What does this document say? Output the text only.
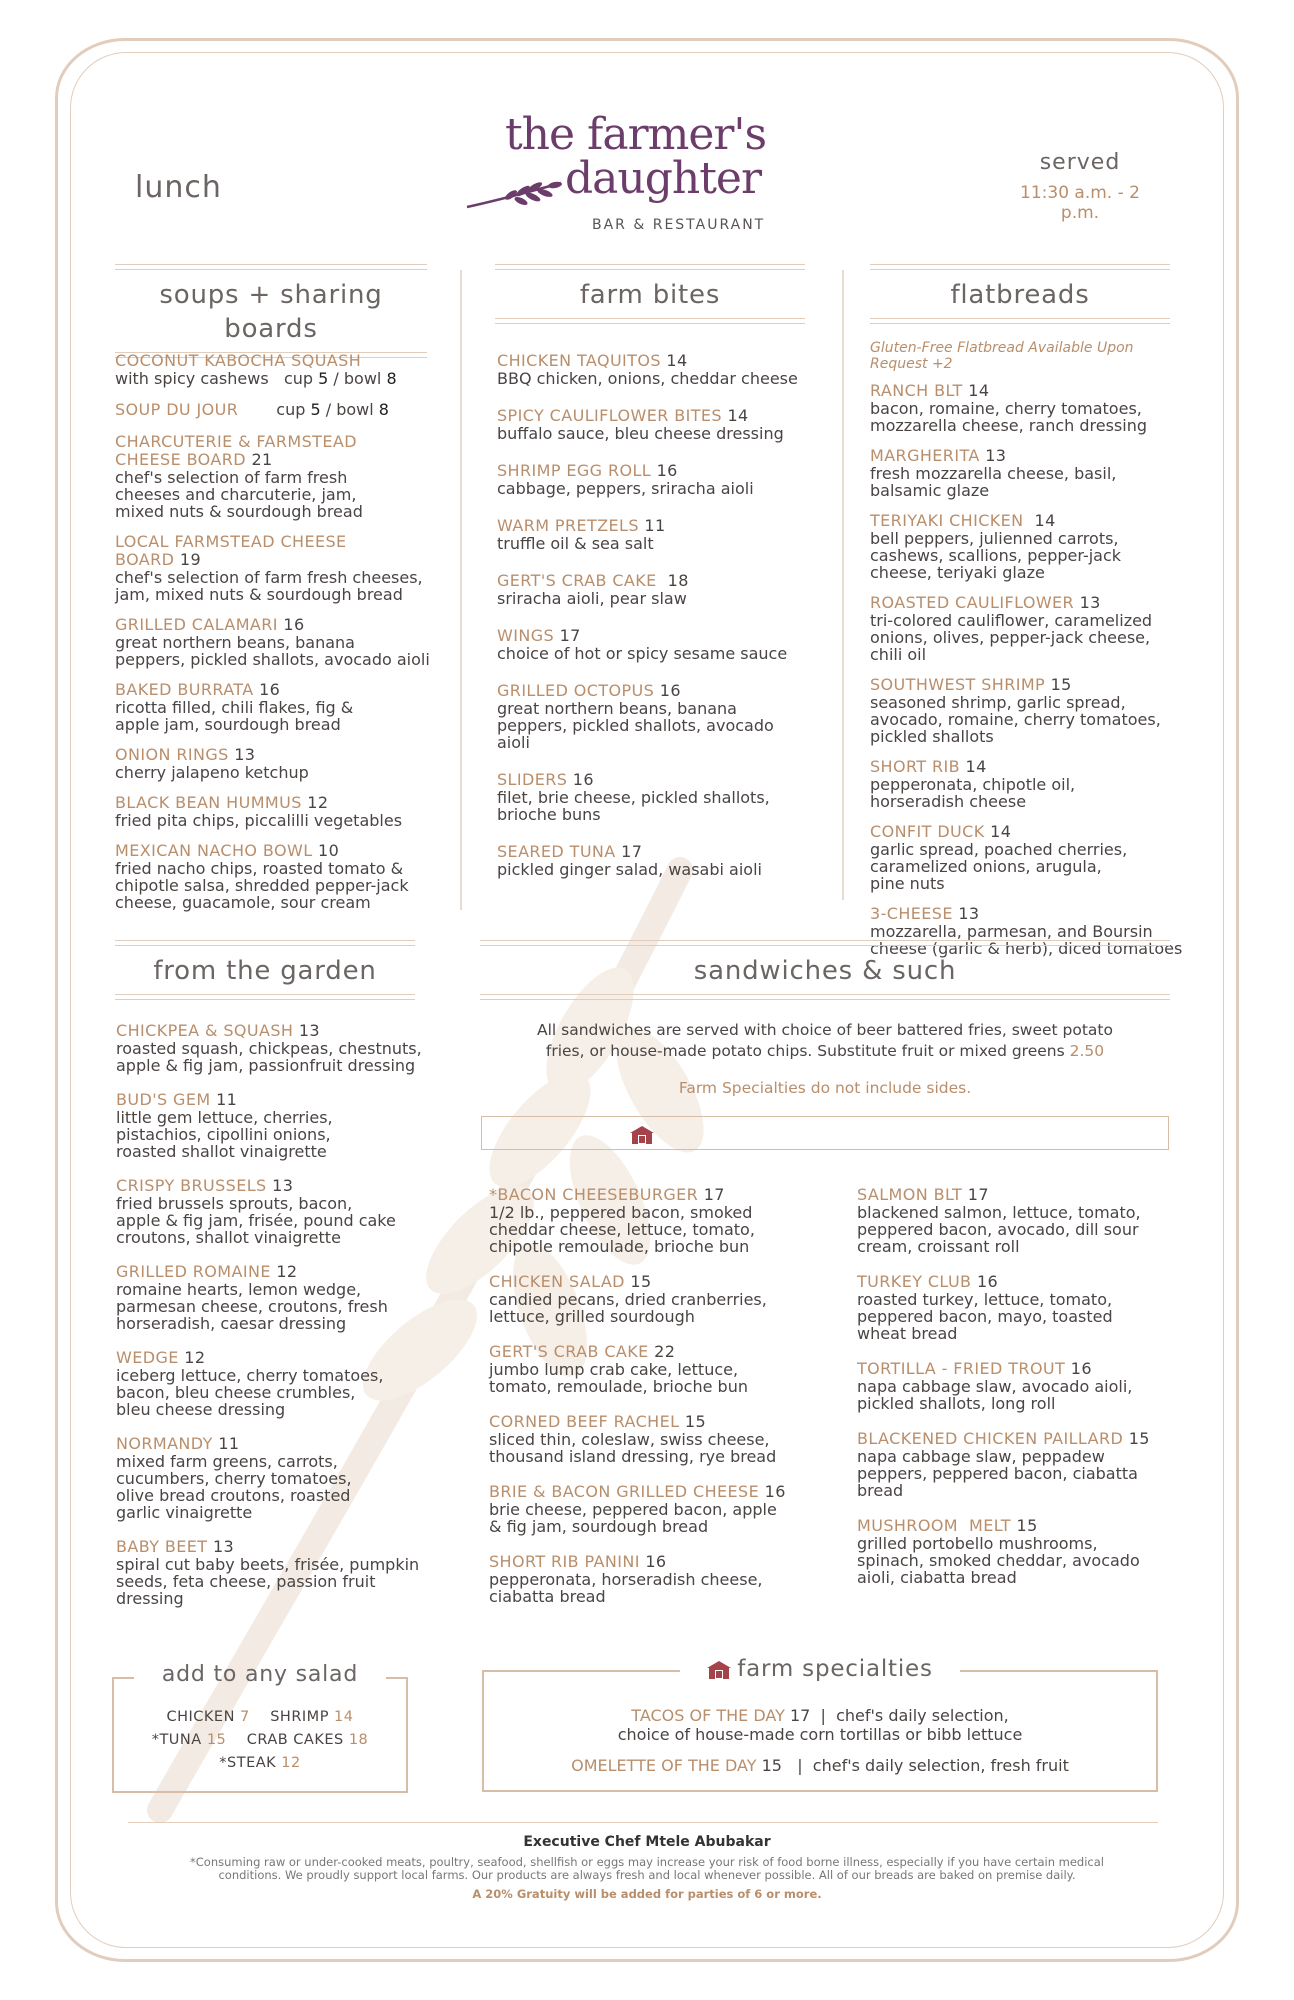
lunch
the farmer's
daughter
BAR & RESTAURANT
served
11:30 a.m. - 2 p.m.
soups + sharing boards
COCONUT KABOCHA SQUASH
with spicy cashews cup 5 / bowl 8
SOUP DU JOUR cup 5 / bowl 8
CHARCUTERIE & FARMSTEAD
CHEESE BOARD 21
chef's selection of farm fresh
cheeses and charcuterie, jam,
mixed nuts & sourdough bread
LOCAL FARMSTEAD CHEESE
BOARD 19
chef's selection of farm fresh cheeses,
jam, mixed nuts & sourdough bread
GRILLED CALAMARI 16
great northern beans, banana
peppers, pickled shallots, avocado aioli
BAKED BURRATA 16
ricotta filled, chili flakes, fig &
apple jam, sourdough bread
ONION RINGS 13
cherry jalapeno ketchup
BLACK BEAN HUMMUS 12
fried pita chips, piccalilli vegetables
MEXICAN NACHO BOWL 10
fried nacho chips, roasted tomato &
chipotle salsa, shredded pepper-jack
cheese, guacamole, sour cream
farm bites
CHICKEN TAQUITOS 14
BBQ chicken, onions, cheddar cheese
SPICY CAULIFLOWER BITES 14
buffalo sauce, bleu cheese dressing
SHRIMP EGG ROLL 16
cabbage, peppers, sriracha aioli
WARM PRETZELS 11
truffle oil & sea salt
GERT'S CRAB CAKE 18
sriracha aioli, pear slaw
WINGS 17
choice of hot or spicy sesame sauce
GRILLED OCTOPUS 16
great northern beans, banana
peppers, pickled shallots, avocado
aioli
SLIDERS 16
filet, brie cheese, pickled shallots,
brioche buns
SEARED TUNA 17
pickled ginger salad, wasabi aioli
flatbreads
Gluten-Free Flatbread Available Upon
Request +2
RANCH BLT 14
bacon, romaine, cherry tomatoes,
mozzarella cheese, ranch dressing
MARGHERITA 13
fresh mozzarella cheese, basil,
balsamic glaze
TERIYAKI CHICKEN 14
bell peppers, julienned carrots,
cashews, scallions, pepper-jack
cheese, teriyaki glaze
ROASTED CAULIFLOWER 13
tri-colored cauliflower, caramelized
onions, olives, pepper-jack cheese,
chili oil
SOUTHWEST SHRIMP 15
seasoned shrimp, garlic spread,
avocado, romaine, cherry tomatoes,
pickled shallots
SHORT RIB 14
pepperonata, chipotle oil,
horseradish cheese
CONFIT DUCK 14
garlic spread, poached cherries,
caramelized onions, arugula,
pine nuts
3-CHEESE 13
mozzarella, parmesan, and Boursin
cheese (garlic & herb), diced tomatoes
from the garden
CHICKPEA & SQUASH 13
roasted squash, chickpeas, chestnuts,
apple & fig jam, passionfruit dressing
BUD'S GEM 11
little gem lettuce, cherries,
pistachios, cipollini onions,
roasted shallot vinaigrette
CRISPY BRUSSELS 13
fried brussels sprouts, bacon,
apple & fig jam, frisée, pound cake
croutons, shallot vinaigrette
GRILLED ROMAINE 12
romaine hearts, lemon wedge,
parmesan cheese, croutons, fresh
horseradish, caesar dressing
WEDGE 12
iceberg lettuce, cherry tomatoes,
bacon, bleu cheese crumbles,
bleu cheese dressing
NORMANDY 11
mixed farm greens, carrots,
cucumbers, cherry tomatoes,
olive bread croutons, roasted
garlic vinaigrette
BABY BEET 13
spiral cut baby beets, frisée, pumpkin
seeds, feta cheese, passion fruit
dressing
add to any salad
CHICKEN 7 SHRIMP 14
*TUNA 15 CRAB CAKES 18
*STEAK 12
sandwiches & such
All sandwiches are served with choice of beer battered fries, sweet potato
fries, or house-made potato chips. Substitute fruit or mixed greens 2.50
Farm Specialties do not include sides.
*BACON CHEESEBURGER 17
1/2 lb., peppered bacon, smoked
cheddar cheese, lettuce, tomato,
chipotle remoulade, brioche bun
CHICKEN SALAD 15
candied pecans, dried cranberries,
lettuce, grilled sourdough
GERT'S CRAB CAKE 22
jumbo lump crab cake, lettuce,
tomato, remoulade, brioche bun
CORNED BEEF RACHEL 15
sliced thin, coleslaw, swiss cheese,
thousand island dressing, rye bread
BRIE & BACON GRILLED CHEESE 16
brie cheese, peppered bacon, apple
& fig jam, sourdough bread
SHORT RIB PANINI 16
pepperonata, horseradish cheese,
ciabatta bread
SALMON BLT 17
blackened salmon, lettuce, tomato,
peppered bacon, avocado, dill sour
cream, croissant roll
TURKEY CLUB 16
roasted turkey, lettuce, tomato,
peppered bacon, mayo, toasted
wheat bread
TORTILLA - FRIED TROUT 16
napa cabbage slaw, avocado aioli,
pickled shallots, long roll
BLACKENED CHICKEN PAILLARD 15
napa cabbage slaw, peppadew
peppers, peppered bacon, ciabatta
bread
MUSHROOM  MELT 15
grilled portobello mushrooms,
spinach, smoked cheddar, avocado
aioli, ciabatta bread
farm specialties
TACOS OF THE DAY 17 | chef's daily selection,
choice of house-made corn tortillas or bibb lettuce
OMELETTE OF THE DAY 15 | chef's daily selection, fresh fruit
Executive Chef Mtele Abubakar
*Consuming raw or under-cooked meats, poultry, seafood, shellfish or eggs may increase your risk of food borne illness, especially if you have certain medical
conditions. We proudly support local farms. Our products are always fresh and local whenever possible. All of our breads are baked on premise daily.
A 20% Gratuity will be added for parties of 6 or more.
